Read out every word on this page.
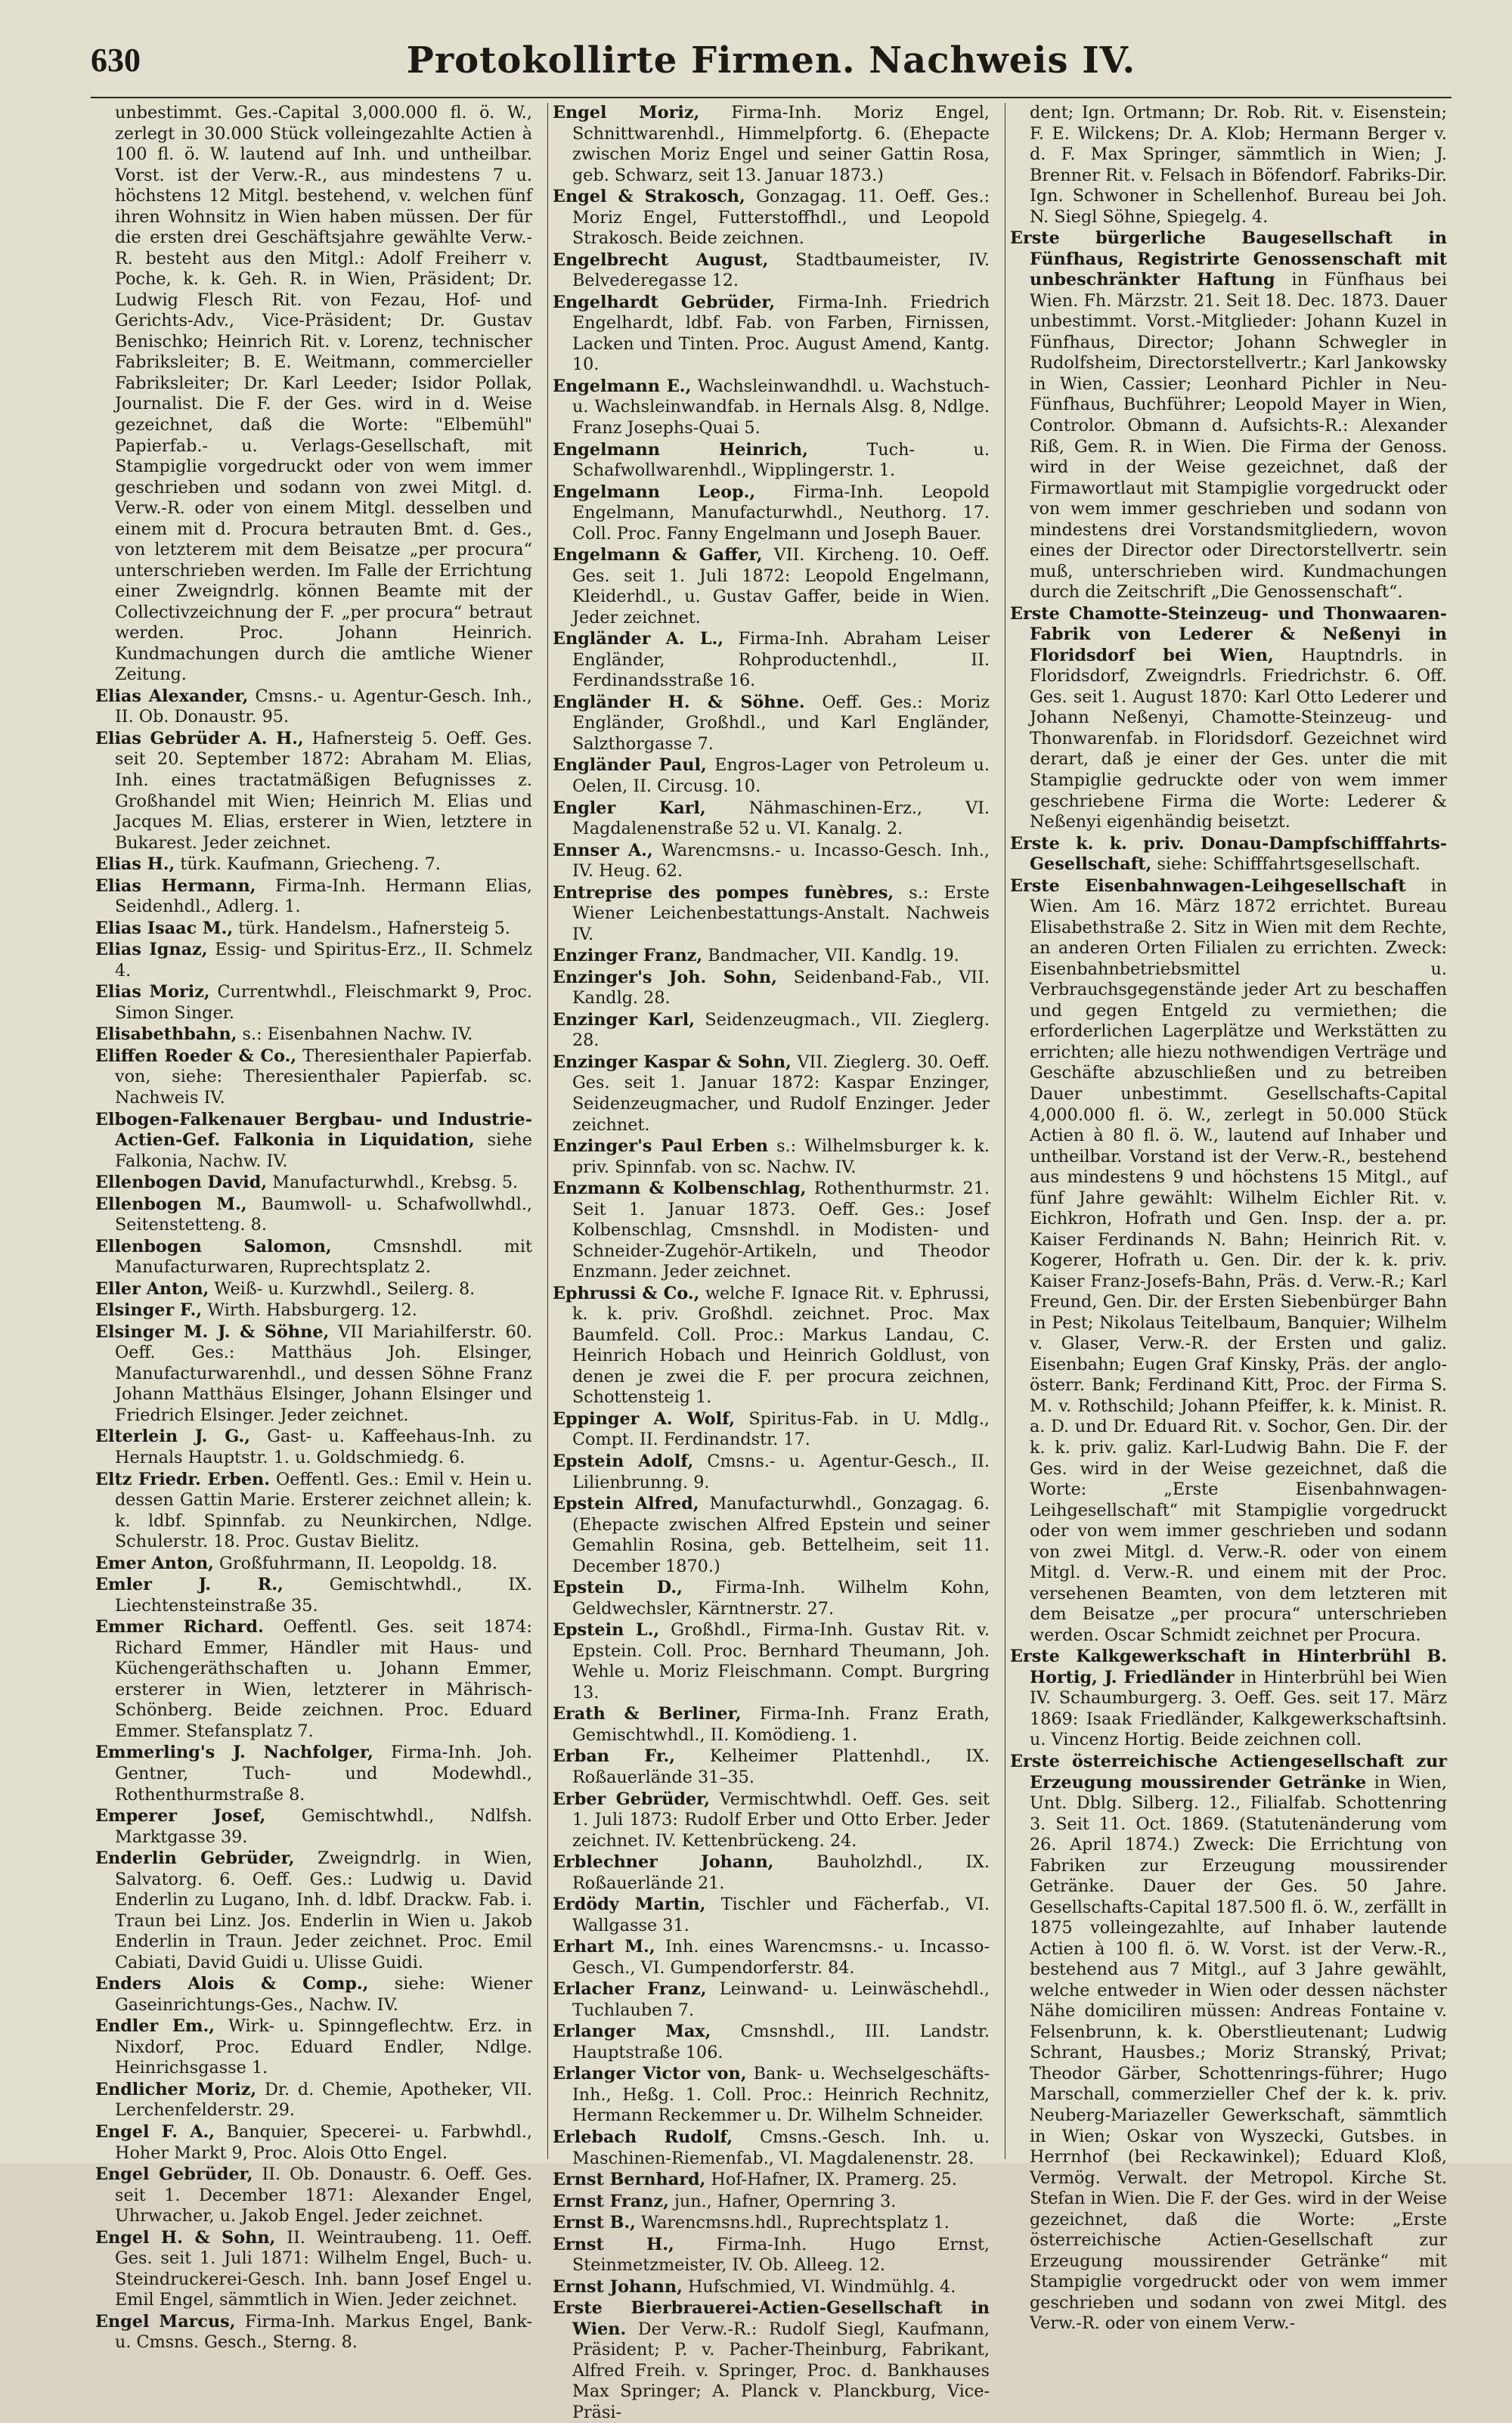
630	Protokollirte Firmen. Nachweis IV.

unbestimmt. Ges.-Capital 3,000.000 fl. ö. W., zerlegt in 30.000 Stück volleingezahlte Actien à 100 fl. ö. W. lautend auf Inh. und untheilbar. Vorst. ist der Verw.-R., aus mindestens 7 u. höchstens 12 Mitgl. bestehend, v. welchen fünf ihren Wohnsitz in Wien haben müssen. Der für die ersten drei Geschäftsjahre gewählte Verw.-R. besteht aus den Mitgl.: Adolf Freiherr v. Poche, k. k. Geh. R. in Wien, Präsident; Dr. Ludwig Flesch Rit. von Fezau, Hof- und Gerichts-Adv., Vice-Präsident; Dr. Gustav Benischko; Heinrich Rit. v. Lorenz, technischer Fabriksleiter; B. E. Weitmann, commercieller Fabriksleiter; Dr. Karl Leeder; Isidor Pollak, Journalist. Die F. der Ges. wird in d. Weise gezeichnet, daß die Worte: "Elbemühl" Papierfab.- u. Verlags-Gesellschaft, mit Stampiglie vorgedruckt oder von wem immer geschrieben und sodann von zwei Mitgl. d. Verw.-R. oder von einem Mitgl. desselben und einem mit d. Procura betrauten Bmt. d. Ges., von letzterem mit dem Beisatze „per procura“ unterschrieben werden. Im Falle der Errichtung einer Zweigndrlg. können Beamte mit der Collectivzeichnung der F. „per procura“ betraut werden. Proc. Johann Heinrich. Kundmachungen durch die amtliche Wiener Zeitung.

Elias Alexander, Cmsns.- u. Agentur-Gesch. Inh., II. Ob. Donaustr. 95.

Elias Gebrüder A. H., Hafnersteig 5. Oeff. Ges. seit 20. September 1872: Abraham M. Elias, Inh. eines tractatmäßigen Befugnisses z. Großhandel mit Wien; Heinrich M. Elias und Jacques M. Elias, ersterer in Wien, letztere in Bukarest. Jeder zeichnet.

Elias H., türk. Kaufmann, Griecheng. 7.

Elias Hermann, Firma-Inh. Hermann Elias, Seidenhdl., Adlerg. 1.

Elias Isaac M., türk. Handelsm., Hafnersteig 5.

Elias Ignaz, Essig- und Spiritus-Erz., II. Schmelz 4.

Elias Moriz, Currentwhdl., Fleischmarkt 9, Proc. Simon Singer.

Elisabethbahn, s.: Eisenbahnen Nachw. IV.

Eliffen Roeder & Co., Theresienthaler Papierfab. von, siehe: Theresienthaler Papierfab. sc. Nachweis IV.

Elbogen-Falkenauer Bergbau- und Industrie-Actien-Gef. Falkonia in Liquidation, siehe Falkonia, Nachw. IV.

Ellenbogen David, Manufacturwhdl., Krebsg. 5.

Ellenbogen M., Baumwoll- u. Schafwollwhdl., Seitenstetteng. 8.

Ellenbogen Salomon, Cmsnshdl. mit Manufacturwaren, Ruprechtsplatz 2.

Eller Anton, Weiß- u. Kurzwhdl., Seilerg. 8.

Elsinger F., Wirth. Habsburgerg. 12.

Elsinger M. J. & Söhne, VII Mariahilferstr. 60. Oeff. Ges.: Matthäus Joh. Elsinger, Manufacturwarenhdl., und dessen Söhne Franz Johann Matthäus Elsinger, Johann Elsinger und Friedrich Elsinger. Jeder zeichnet.

Elterlein J. G., Gast- u. Kaffeehaus-Inh. zu Hernals Hauptstr. 1. u. Goldschmiedg. 6.

Eltz Friedr. Erben. Oeffentl. Ges.: Emil v. Hein u. dessen Gattin Marie. Ersterer zeichnet allein; k. k. ldbf. Spinnfab. zu Neunkirchen, Ndlge. Schulerstr. 18. Proc. Gustav Bielitz.

Emer Anton, Großfuhrmann, II. Leopoldg. 18.

Emler J. R.,	Gemischtwhdl., IX. Liechtensteinstraße 35.

Emmer Richard. Oeffentl. Ges. seit 1874: Richard Emmer, Händler mit Haus- und Küchengeräthschaften u. Johann Emmer, ersterer in Wien, letzterer in Mährisch-Schönberg. Beide zeichnen. Proc. Eduard Emmer. Stefansplatz 7.

Emmerling's J. Nachfolger, Firma-Inh. Joh. Gentner, Tuch- und Modewhdl., Rothenthurmstraße 8.

Emperer Josef, Gemischtwhdl., Ndlfsh. Marktgasse 39.

Enderlin Gebrüder, Zweigndrlg. in Wien, Salvatorg. 6. Oeff. Ges.: Ludwig u. David Enderlin zu Lugano, Inh. d. ldbf. Drackw. Fab. i. Traun bei Linz. Jos. Enderlin in Wien u. Jakob Enderlin in Traun. Jeder zeichnet. Proc. Emil Cabiati, David Guidi u. Ulisse Guidi.

Enders Alois & Comp., siehe: Wiener Gaseinrichtungs-Ges., Nachw. IV.

Endler Em., Wirk- u. Spinngeflechtw. Erz. in Nixdorf, Proc. Eduard Endler, Ndlge. Heinrichsgasse 1.

Endlicher Moriz, Dr. d. Chemie, Apotheker, VII. Lerchenfelderstr. 29.

Engel F. A., Banquier, Specerei- u. Farbwhdl., Hoher Markt 9, Proc. Alois Otto Engel.

Engel Gebrüder, II. Ob. Donaustr. 6. Oeff. Ges. seit 1. December 1871: Alexander Engel, Uhrwacher, u. Jakob Engel. Jeder zeichnet.

Engel H. & Sohn, II. Weintraubeng. 11. Oeff. Ges. seit 1. Juli 1871: Wilhelm Engel, Buch- u. Steindruckerei-Gesch. Inh. bann Josef Engel u. Emil Engel, sämmtlich in Wien. Jeder zeichnet.

Engel Marcus, Firma-Inh. Markus Engel, Bank- u. Cmsns. Gesch., Sterng. 8.

Engel Moriz, Firma-Inh. Moriz Engel, Schnittwarenhdl., Himmelpfortg. 6. (Ehepacte zwischen Moriz Engel und seiner Gattin Rosa, geb. Schwarz, seit 13. Januar 1873.)

Engel & Strakosch, Gonzagag. 11. Oeff. Ges.: Moriz Engel, Futterstoffhdl., und Leopold Strakosch. Beide zeichnen.

Engelbrecht August, Stadtbaumeister, IV. Belvederegasse 12.

Engelhardt Gebrüder, Firma-Inh. Friedrich Engelhardt, ldbf. Fab. von Farben, Firnissen, Lacken und Tinten. Proc. August Amend, Kantg. 10.

Engelmann E., Wachsleinwandhdl. u. Wachstuch- u. Wachsleinwandfab. in Hernals Alsg. 8, Ndlge. Franz Josephs-Quai 5.

Engelmann Heinrich,	Tuch- u. Schafwollwarenhdl., Wipplingerstr. 1.

Engelmann Leop., Firma-Inh. Leopold Engelmann, Manufacturwhdl., Neuthorg. 17. Coll. Proc. Fanny Engelmann und Joseph Bauer.

Engelmann & Gaffer, VII. Kircheng. 10. Oeff. Ges. seit 1. Juli 1872: Leopold Engelmann, Kleiderhdl., u. Gustav Gaffer, beide in Wien. Jeder zeichnet.

Engländer A. L., Firma-Inh. Abraham Leiser Engländer, Rohproductenhdl., II. Ferdinandsstraße 16.

Engländer H. & Söhne. Oeff. Ges.: Moriz Engländer, Großhdl., und Karl Engländer, Salzthorgasse 7.

Engländer Paul, Engros-Lager von Petroleum u. Oelen, II. Circusg. 10.

Engler Karl,	Nähmaschinen-Erz., VI. Magdalenenstraße 52 u. VI. Kanalg. 2.

Ennser A., Warencmsns.- u. Incasso-Gesch. Inh., IV. Heug. 62.

Entreprise des pompes funèbres, s.: Erste Wiener Leichenbestattungs-Anstalt. Nachweis IV.

Enzinger Franz, Bandmacher, VII. Kandlg. 19.

Enzinger's Joh. Sohn, Seidenband-Fab., VII. Kandlg. 28.

Enzinger Karl, Seidenzeugmach., VII. Zieglerg. 28.

Enzinger Kaspar & Sohn, VII. Zieglerg. 30. Oeff. Ges. seit 1. Januar 1872: Kaspar Enzinger, Seidenzeugmacher, und Rudolf Enzinger. Jeder zeichnet.

Enzinger's Paul Erben s.: Wilhelmsburger k. k. priv. Spinnfab. von sc. Nachw. IV.

Enzmann & Kolbenschlag, Rothenthurmstr. 21. Seit 1. Januar 1873. Oeff. Ges.: Josef Kolbenschlag, Cmsnshdl. in Modisten- und Schneider-Zugehör-Artikeln, und Theodor Enzmann. Jeder zeichnet.

Ephrussi & Co., welche F. Ignace Rit. v. Ephrussi, k. k. priv. Großhdl. zeichnet. Proc. Max Baumfeld. Coll. Proc.: Markus Landau, C. Heinrich Hobach und Heinrich Goldlust, von denen je zwei die F. per procura zeichnen, Schottensteig 1.

Eppinger A. Wolf, Spiritus-Fab. in U. Mdlg., Compt. II. Ferdinandstr. 17.

Epstein Adolf, Cmsns.- u. Agentur-Gesch., II. Lilienbrunng. 9.

Epstein Alfred, Manufacturwhdl., Gonzagag. 6. (Ehepacte zwischen Alfred Epstein und seiner Gemahlin Rosina, geb. Bettelheim, seit 11. December 1870.)

Epstein D., Firma-Inh. Wilhelm Kohn, Geldwechsler, Kärntnerstr. 27.

Epstein L., Großhdl., Firma-Inh. Gustav Rit. v. Epstein. Coll. Proc. Bernhard Theumann, Joh. Wehle u. Moriz Fleischmann. Compt. Burgring 13.

Erath & Berliner, Firma-Inh. Franz Erath, Gemischtwhdl., II. Komödieng. 1.

Erban Fr., Kelheimer Plattenhdl., IX. Roßauerlände 31–35.

Erber Gebrüder, Vermischtwhdl. Oeff. Ges. seit 1. Juli 1873: Rudolf Erber und Otto Erber. Jeder zeichnet. IV. Kettenbrückeng. 24.

Erblechner Johann,	Bauholzhdl., IX. Roßauerlände 21.

Erdödy Martin, Tischler und Fächerfab., VI. Wallgasse 31.

Erhart M., Inh. eines Warencmsns.- u. Incasso-Gesch., VI. Gumpendorferstr. 84.

Erlacher Franz, Leinwand- u. Leinwäschehdl., Tuchlauben 7.

Erlanger Max, Cmsnshdl., III. Landstr. Hauptstraße 106.

Erlanger Victor von, Bank- u. Wechselgeschäfts-Inh., Heßg. 1. Coll. Proc.: Heinrich Rechnitz, Hermann Reckemmer u. Dr. Wilhelm Schneider.

Erlebach Rudolf, Cmsns.-Gesch. Inh. u. Maschinen-Riemenfab., VI. Magdalenenstr. 28.

Ernst Bernhard, Hof-Hafner, IX. Pramerg. 25.

Ernst Franz, jun., Hafner, Opernring 3.

Ernst B., Warencmsns.hdl., Ruprechtsplatz 1.

Ernst H., Firma-Inh. Hugo Ernst, Steinmetzmeister, IV. Ob. Alleeg. 12.

Ernst Johann, Hufschmied, VI. Windmühlg. 4.

Erste Bierbrauerei-Actien-Gesellschaft in Wien. Der Verw.-R.: Rudolf Siegl, Kaufmann, Präsident; P. v. Pacher-Theinburg, Fabrikant, Alfred Freih. v. Springer, Proc. d. Bankhauses Max Springer; A. Planck v. Planckburg, Vice-Präsi-

dent; Ign. Ortmann; Dr. Rob. Rit. v. Eisenstein; F. E. Wilckens; Dr. A. Klob; Hermann Berger v. d. F. Max Springer, sämmtlich in Wien; J. Brenner Rit. v. Felsach in Böfendorf. Fabriks-Dir. Ign. Schwoner in Schellenhof. Bureau bei Joh. N. Siegl Söhne, Spiegelg. 4.

Erste bürgerliche Baugesellschaft in Fünfhaus, Registrirte Genossenschaft mit unbeschränkter Haftung in Fünfhaus bei Wien. Fh. Märzstr. 21. Seit 18. Dec. 1873. Dauer unbestimmt. Vorst.-Mitglieder: Johann Kuzel in Fünfhaus, Director; Johann Schwegler in Rudolfsheim, Directorstellvertr.; Karl Jankowsky in Wien, Cassier; Leonhard Pichler in Neu-Fünfhaus, Buchführer; Leopold Mayer in Wien, Controlor. Obmann d. Aufsichts-R.: Alexander Riß, Gem. R. in Wien. Die Firma der Genoss. wird in der Weise gezeichnet, daß der Firmawortlaut mit Stampiglie vorgedruckt oder von wem immer geschrieben und sodann von mindestens drei Vorstandsmitgliedern, wovon eines der Director oder Directorstellvertr. sein muß, unterschrieben wird. Kundmachungen durch die Zeitschrift „Die Genossenschaft“.

Erste Chamotte-Steinzeug- und Thonwaaren-Fabrik von Lederer & Neßenyi in Floridsdorf bei Wien, Hauptndrls. in Floridsdorf, Zweigndrls. Friedrichstr. 6. Off. Ges. seit 1. August 1870: Karl Otto Lederer und Johann Neßenyi, Chamotte-Steinzeug- und Thonwarenfab. in Floridsdorf. Gezeichnet wird derart, daß je einer der Ges. unter die mit Stampiglie gedruckte oder von wem immer geschriebene Firma die Worte: Lederer & Neßenyi eigenhändig beisetzt.

Erste k. k. priv. Donau-Dampfschifffahrts-Gesellschaft, siehe: Schifffahrtsgesellschaft.

Erste Eisenbahnwagen-Leihgesellschaft in Wien. Am 16. März 1872 errichtet. Bureau Elisabethstraße 2. Sitz in Wien mit dem Rechte, an anderen Orten Filialen zu errichten. Zweck: Eisenbahnbetriebsmittel u. Verbrauchsgegenstände jeder Art zu beschaffen und gegen Entgeld zu vermiethen; die erforderlichen Lagerplätze und Werkstätten zu errichten; alle hiezu nothwendigen Verträge und Geschäfte abzuschließen und zu betreiben Dauer unbestimmt. Gesellschafts-Capital 4,000.000 fl. ö. W., zerlegt in 50.000 Stück Actien à 80 fl. ö. W., lautend auf Inhaber und untheilbar. Vorstand ist der Verw.-R., bestehend aus mindestens 9 und höchstens 15 Mitgl., auf fünf Jahre gewählt: Wilhelm Eichler Rit. v. Eichkron, Hofrath und Gen. Insp. der a. pr. Kaiser Ferdinands N. Bahn; Heinrich Rit. v. Kogerer, Hofrath u. Gen. Dir. der k. k. priv. Kaiser Franz-Josefs-Bahn, Präs. d. Verw.-R.; Karl Freund, Gen. Dir. der Ersten Siebenbürger Bahn in Pest; Nikolaus Teitelbaum, Banquier; Wilhelm v. Glaser, Verw.-R. der Ersten und galiz. Eisenbahn; Eugen Graf Kinsky, Präs. der anglo-österr. Bank; Ferdinand Kitt, Proc. der Firma S. M. v. Rothschild; Johann Pfeiffer, k. k. Minist. R. a. D. und Dr. Eduard Rit. v. Sochor, Gen. Dir. der k. k. priv. galiz. Karl-Ludwig Bahn. Die F. der Ges. wird in der Weise gezeichnet, daß die Worte: „Erste Eisenbahnwagen-Leihgesellschaft“ mit Stampiglie vorgedruckt oder von wem immer geschrieben und sodann von zwei Mitgl. d. Verw.-R. oder von einem Mitgl. d. Verw.-R. und einem mit der Proc. versehenen Beamten, von dem letzteren mit dem Beisatze „per procura“ unterschrieben werden. Oscar Schmidt zeichnet per Procura.

Erste Kalkgewerkschaft in Hinterbrühl B. Hortig, J. Friedländer in Hinterbrühl bei Wien IV. Schaumburgerg. 3. Oeff. Ges. seit 17. März 1869: Isaak Friedländer, Kalkgewerkschaftsinh. u. Vincenz Hortig. Beide zeichnen coll.

Erste österreichische Actiengesellschaft zur Erzeugung moussirender Getränke in Wien, Unt. Dblg. Silberg. 12., Filialfab. Schottenring 3. Seit 11. Oct. 1869. (Statutenänderung vom 26. April 1874.) Zweck: Die Errichtung von Fabriken zur Erzeugung moussirender Getränke. Dauer der Ges. 50 Jahre. Gesellschafts-Capital 187.500 fl. ö. W., zerfällt in 1875 volleingezahlte, auf Inhaber lautende Actien à 100 fl. ö. W. Vorst. ist der Verw.-R., bestehend aus 7 Mitgl., auf 3 Jahre gewählt, welche entweder in Wien oder dessen nächster Nähe domiciliren müssen: Andreas Fontaine v. Felsenbrunn, k. k. Oberstlieutenant; Ludwig Schrant, Hausbes.; Moriz Stranský, Privat; Theodor Gärber, Schottenrings-führer; Hugo Marschall, commerzieller Chef der k. k. priv. Neuberg-Mariazeller Gewerkschaft, sämmtlich in Wien; Oskar von Wyszecki, Gutsbes. in Herrnhof (bei Reckawinkel); Eduard Kloß, Vermög. Verwalt. der Metropol. Kirche St. Stefan in Wien. Die F. der Ges. wird in der Weise gezeichnet, daß die Worte: „Erste österreichische Actien-Gesellschaft zur Erzeugung moussirender Getränke“ mit Stampiglie vorgedruckt oder von wem immer geschrieben und sodann von zwei Mitgl. des Verw.-R. oder von einem Verw.-
